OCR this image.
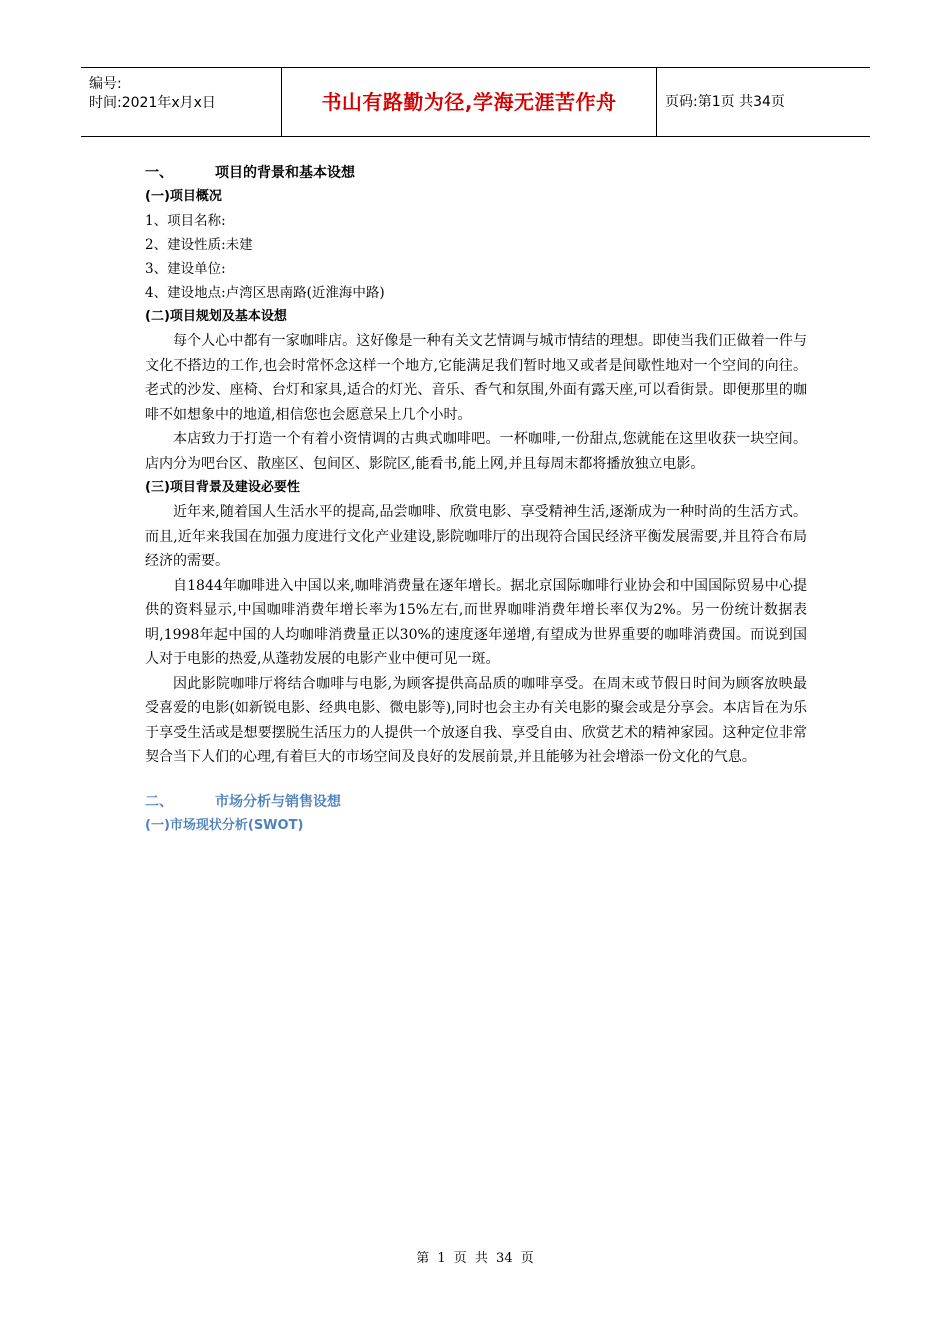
编号:
时间:2021年x月x日	书山有路勤为径,学海无涯苦作舟	页码:第1页 共34页
一、	项目的背景和基本设想
(一)项目概况
1、项目名称:
2、建设性质:未建
3、建设单位:
4、建设地点:卢湾区思南路(近淮海中路)
(二)项目规划及基本设想
每个人心中都有一家咖啡店。这好像是一种有关文艺情调与城市情结的理想。即使当我们正做着一件与文化不搭边的工作,也会时常怀念这样一个地方,它能满足我们暂时地又或者是间歇性地对一个空间的向往。老式的沙发、座椅、台灯和家具,适合的灯光、音乐、香气和氛围,外面有露天座,可以看街景。即便那里的咖啡不如想象中的地道,相信您也会愿意呆上几个小时。
本店致力于打造一个有着小资情调的古典式咖啡吧。一杯咖啡,一份甜点,您就能在这里收获一块空间。店内分为吧台区、散座区、包间区、影院区,能看书,能上网,并且每周末都将播放独立电影。
(三)项目背景及建设必要性
近年来,随着国人生活水平的提高,品尝咖啡、欣赏电影、享受精神生活,逐渐成为一种时尚的生活方式。而且,近年来我国在加强力度进行文化产业建设,影院咖啡厅的出现符合国民经济平衡发展需要,并且符合布局经济的需要。
自1844年咖啡进入中国以来,咖啡消费量在逐年增长。据北京国际咖啡行业协会和中国国际贸易中心提供的资料显示,中国咖啡消费年增长率为15%左右,而世界咖啡消费年增长率仅为2%。另一份统计数据表明,1998年起中国的人均咖啡消费量正以30%的速度逐年递增,有望成为世界重要的咖啡消费国。而说到国人对于电影的热爱,从蓬勃发展的电影产业中便可见一斑。
因此影院咖啡厅将结合咖啡与电影,为顾客提供高品质的咖啡享受。在周末或节假日时间为顾客放映最受喜爱的电影(如新锐电影、经典电影、微电影等),同时也会主办有关电影的聚会或是分享会。本店旨在为乐于享受生活或是想要摆脱生活压力的人提供一个放逐自我、享受自由、欣赏艺术的精神家园。这种定位非常契合当下人们的心理,有着巨大的市场空间及良好的发展前景,并且能够为社会增添一份文化的气息。
二、	市场分析与销售设想
(一)市场现状分析(SWOT)
第 1 页 共 34 页
